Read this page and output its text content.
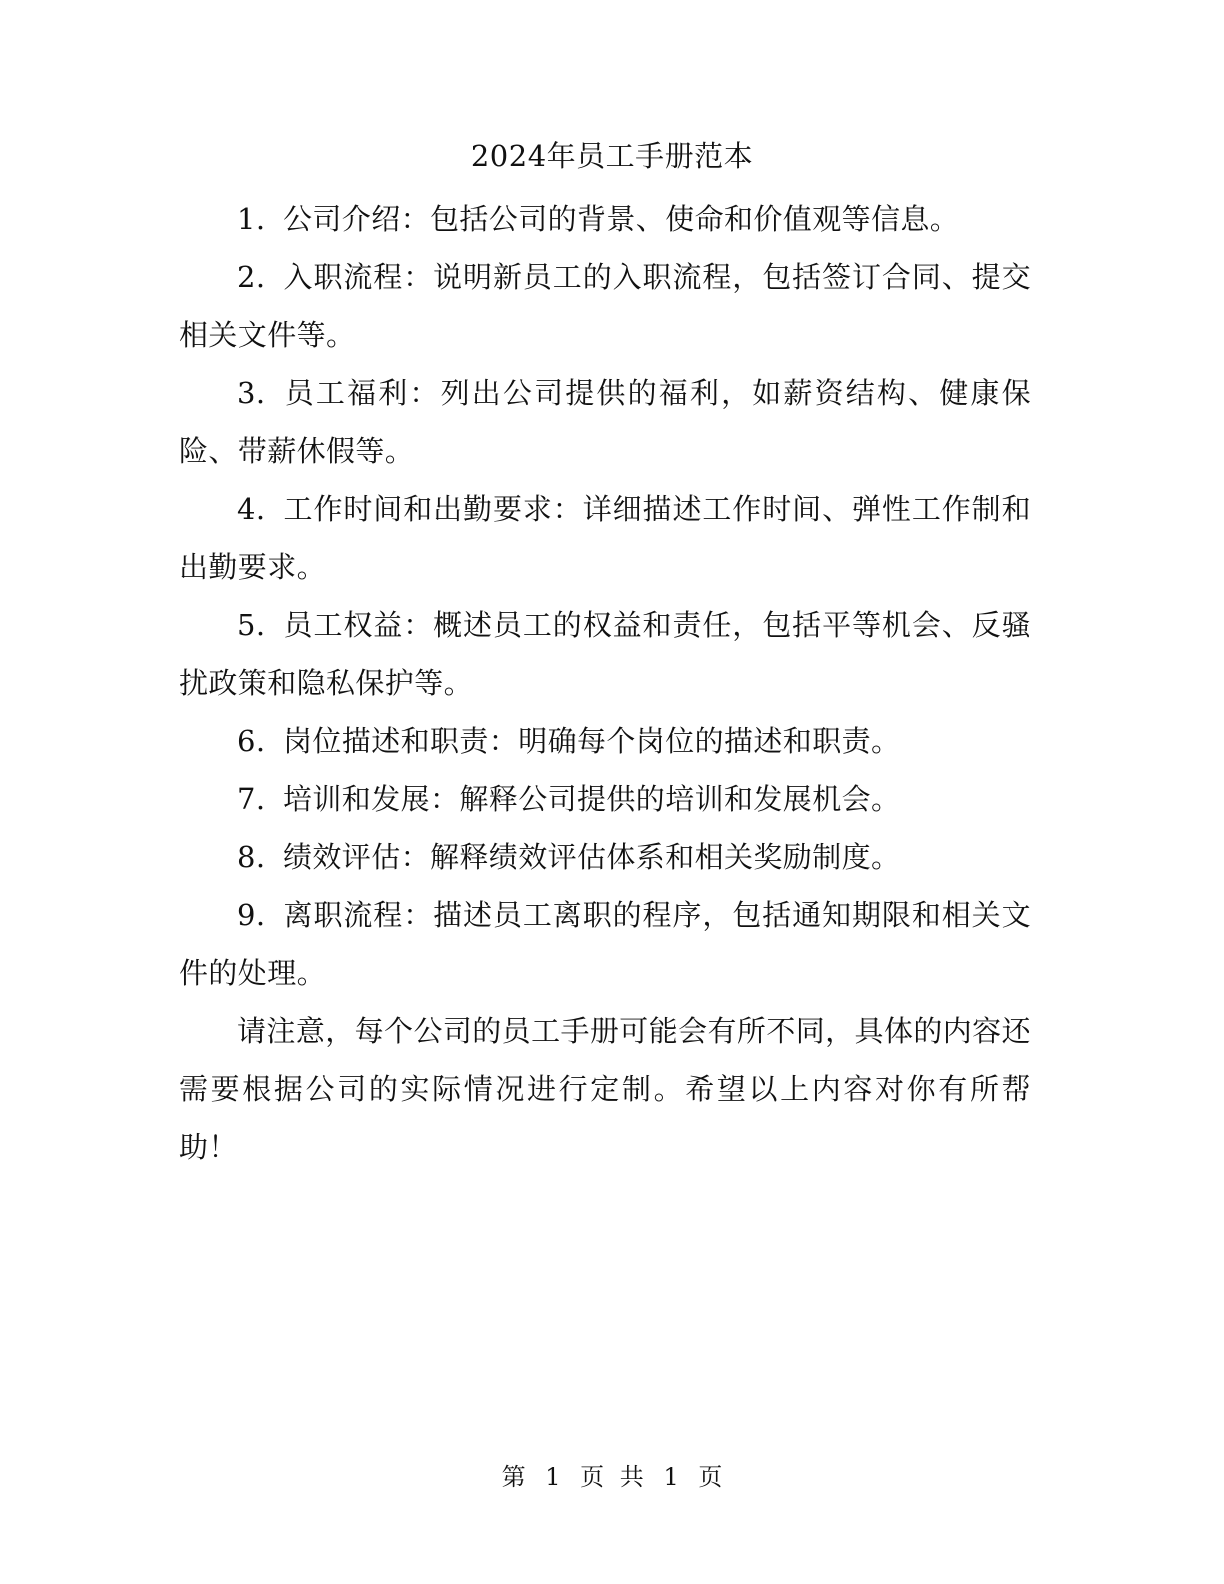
2024年员工手册范本

1. 公司介绍：包括公司的背景、使命和价值观等信息。

2. 入职流程：说明新员工的入职流程，包括签订合同、提交相关文件等。

3. 员工福利：列出公司提供的福利，如薪资结构、健康保险、带薪休假等。

4. 工作时间和出勤要求：详细描述工作时间、弹性工作制和出勤要求。

5. 员工权益：概述员工的权益和责任，包括平等机会、反骚扰政策和隐私保护等。

6. 岗位描述和职责：明确每个岗位的描述和职责。

7. 培训和发展：解释公司提供的培训和发展机会。

8. 绩效评估：解释绩效评估体系和相关奖励制度。

9. 离职流程：描述员工离职的程序，包括通知期限和相关文件的处理。

请注意，每个公司的员工手册可能会有所不同，具体的内容还需要根据公司的实际情况进行定制。希望以上内容对你有所帮助！

第 1 页 共 1 页
